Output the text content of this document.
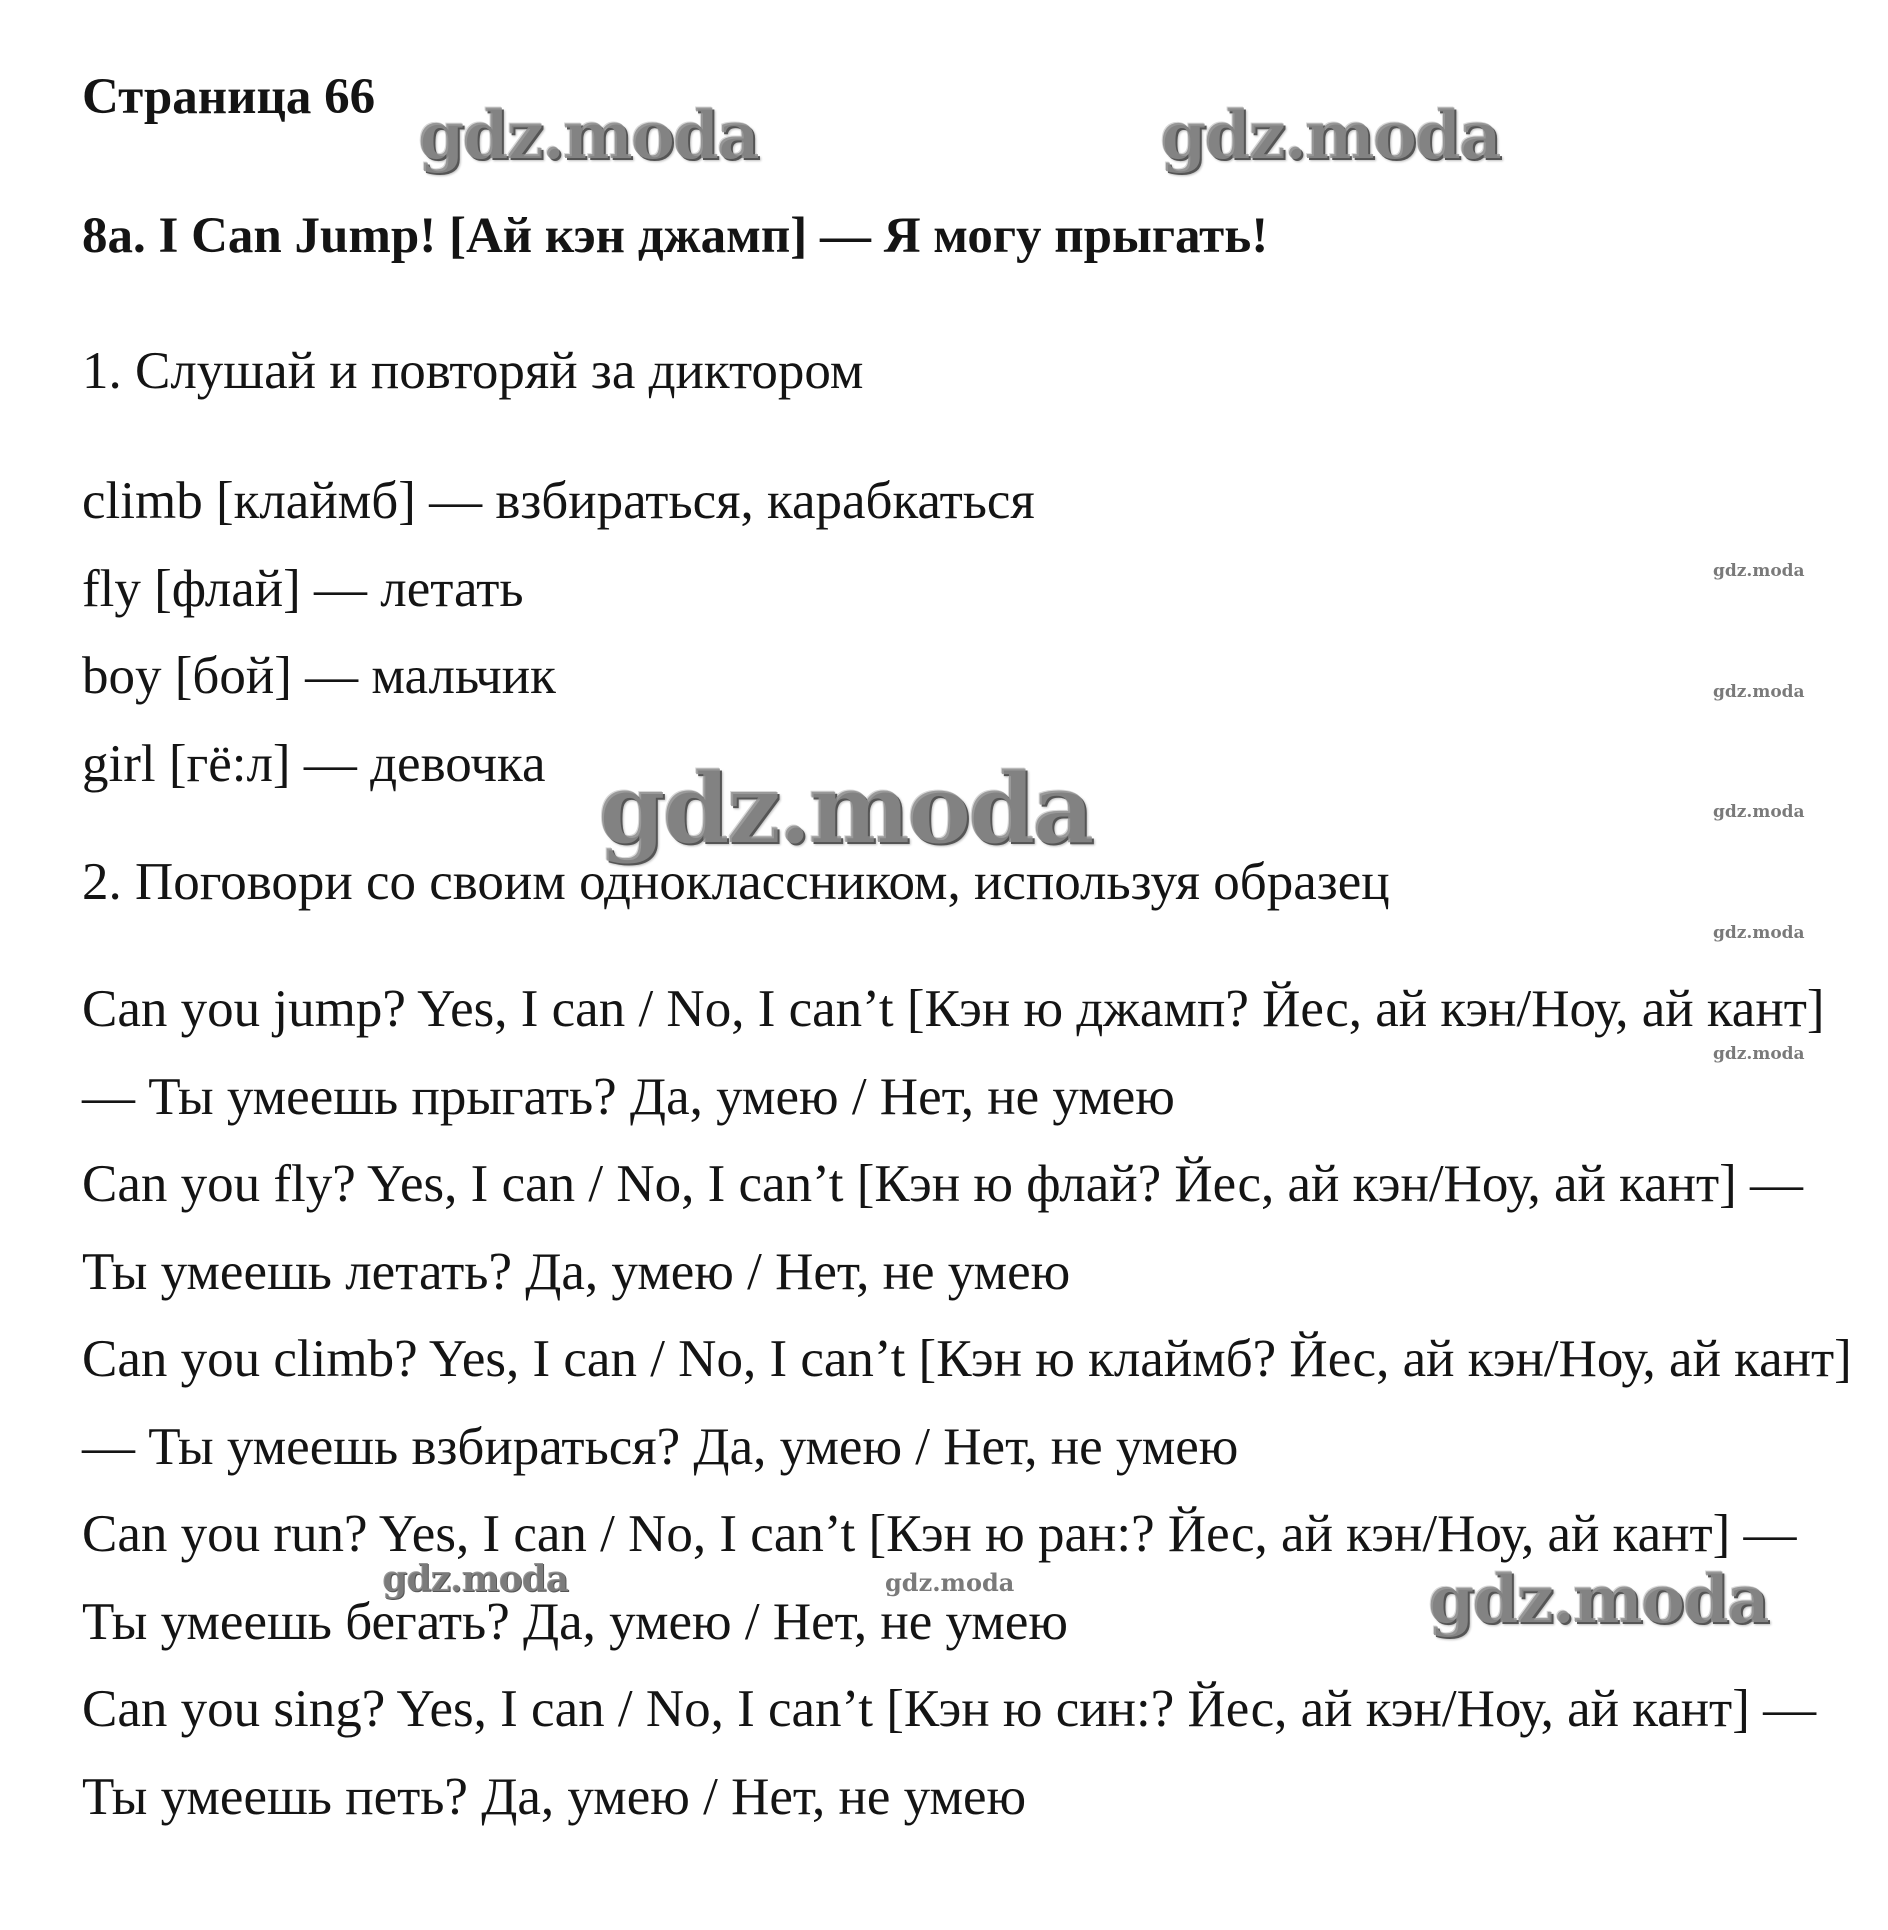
Страница 66
8a. I Can Jump! [Ай кэн джамп] — Я могу прыгать!
1. Слушай и повторяй за диктором
climb [клаймб] — взбираться, карабкаться
fly [флай] — летать
boy [бой] — мальчик
girl [гё:л] — девочка
2. Поговори со своим одноклассником, используя образец
Can you jump? Yes, I can / No, I can’t [Кэн ю джамп? Йес, ай кэн/Ноу, ай кант] — Ты умеешь прыгать? Да, умею / Нет, не умею
Can you fly? Yes, I can / No, I can’t [Кэн ю флай? Йес, ай кэн/Ноу, ай кант] — Ты умеешь летать? Да, умею / Нет, не умею
Can you climb? Yes, I can / No, I can’t [Кэн ю клаймб? Йес, ай кэн/Ноу, ай кант] — Ты умеешь взбираться? Да, умею / Нет, не умею
Can you run? Yes, I can / No, I can’t [Кэн ю ран:? Йес, ай кэн/Ноу, ай кант] — Ты умеешь бегать? Да, умею / Нет, не умею
Can you sing? Yes, I can / No, I can’t [Кэн ю син:? Йес, ай кэн/Ноу, ай кант] — Ты умеешь петь? Да, умею / Нет, не умею
gdz.moda	gdz.moda
gdz.moda
gdz.moda
gdz.moda
gdz.moda
gdz.moda
gdz.moda
gdz.moda	gdz.moda	gdz.moda
